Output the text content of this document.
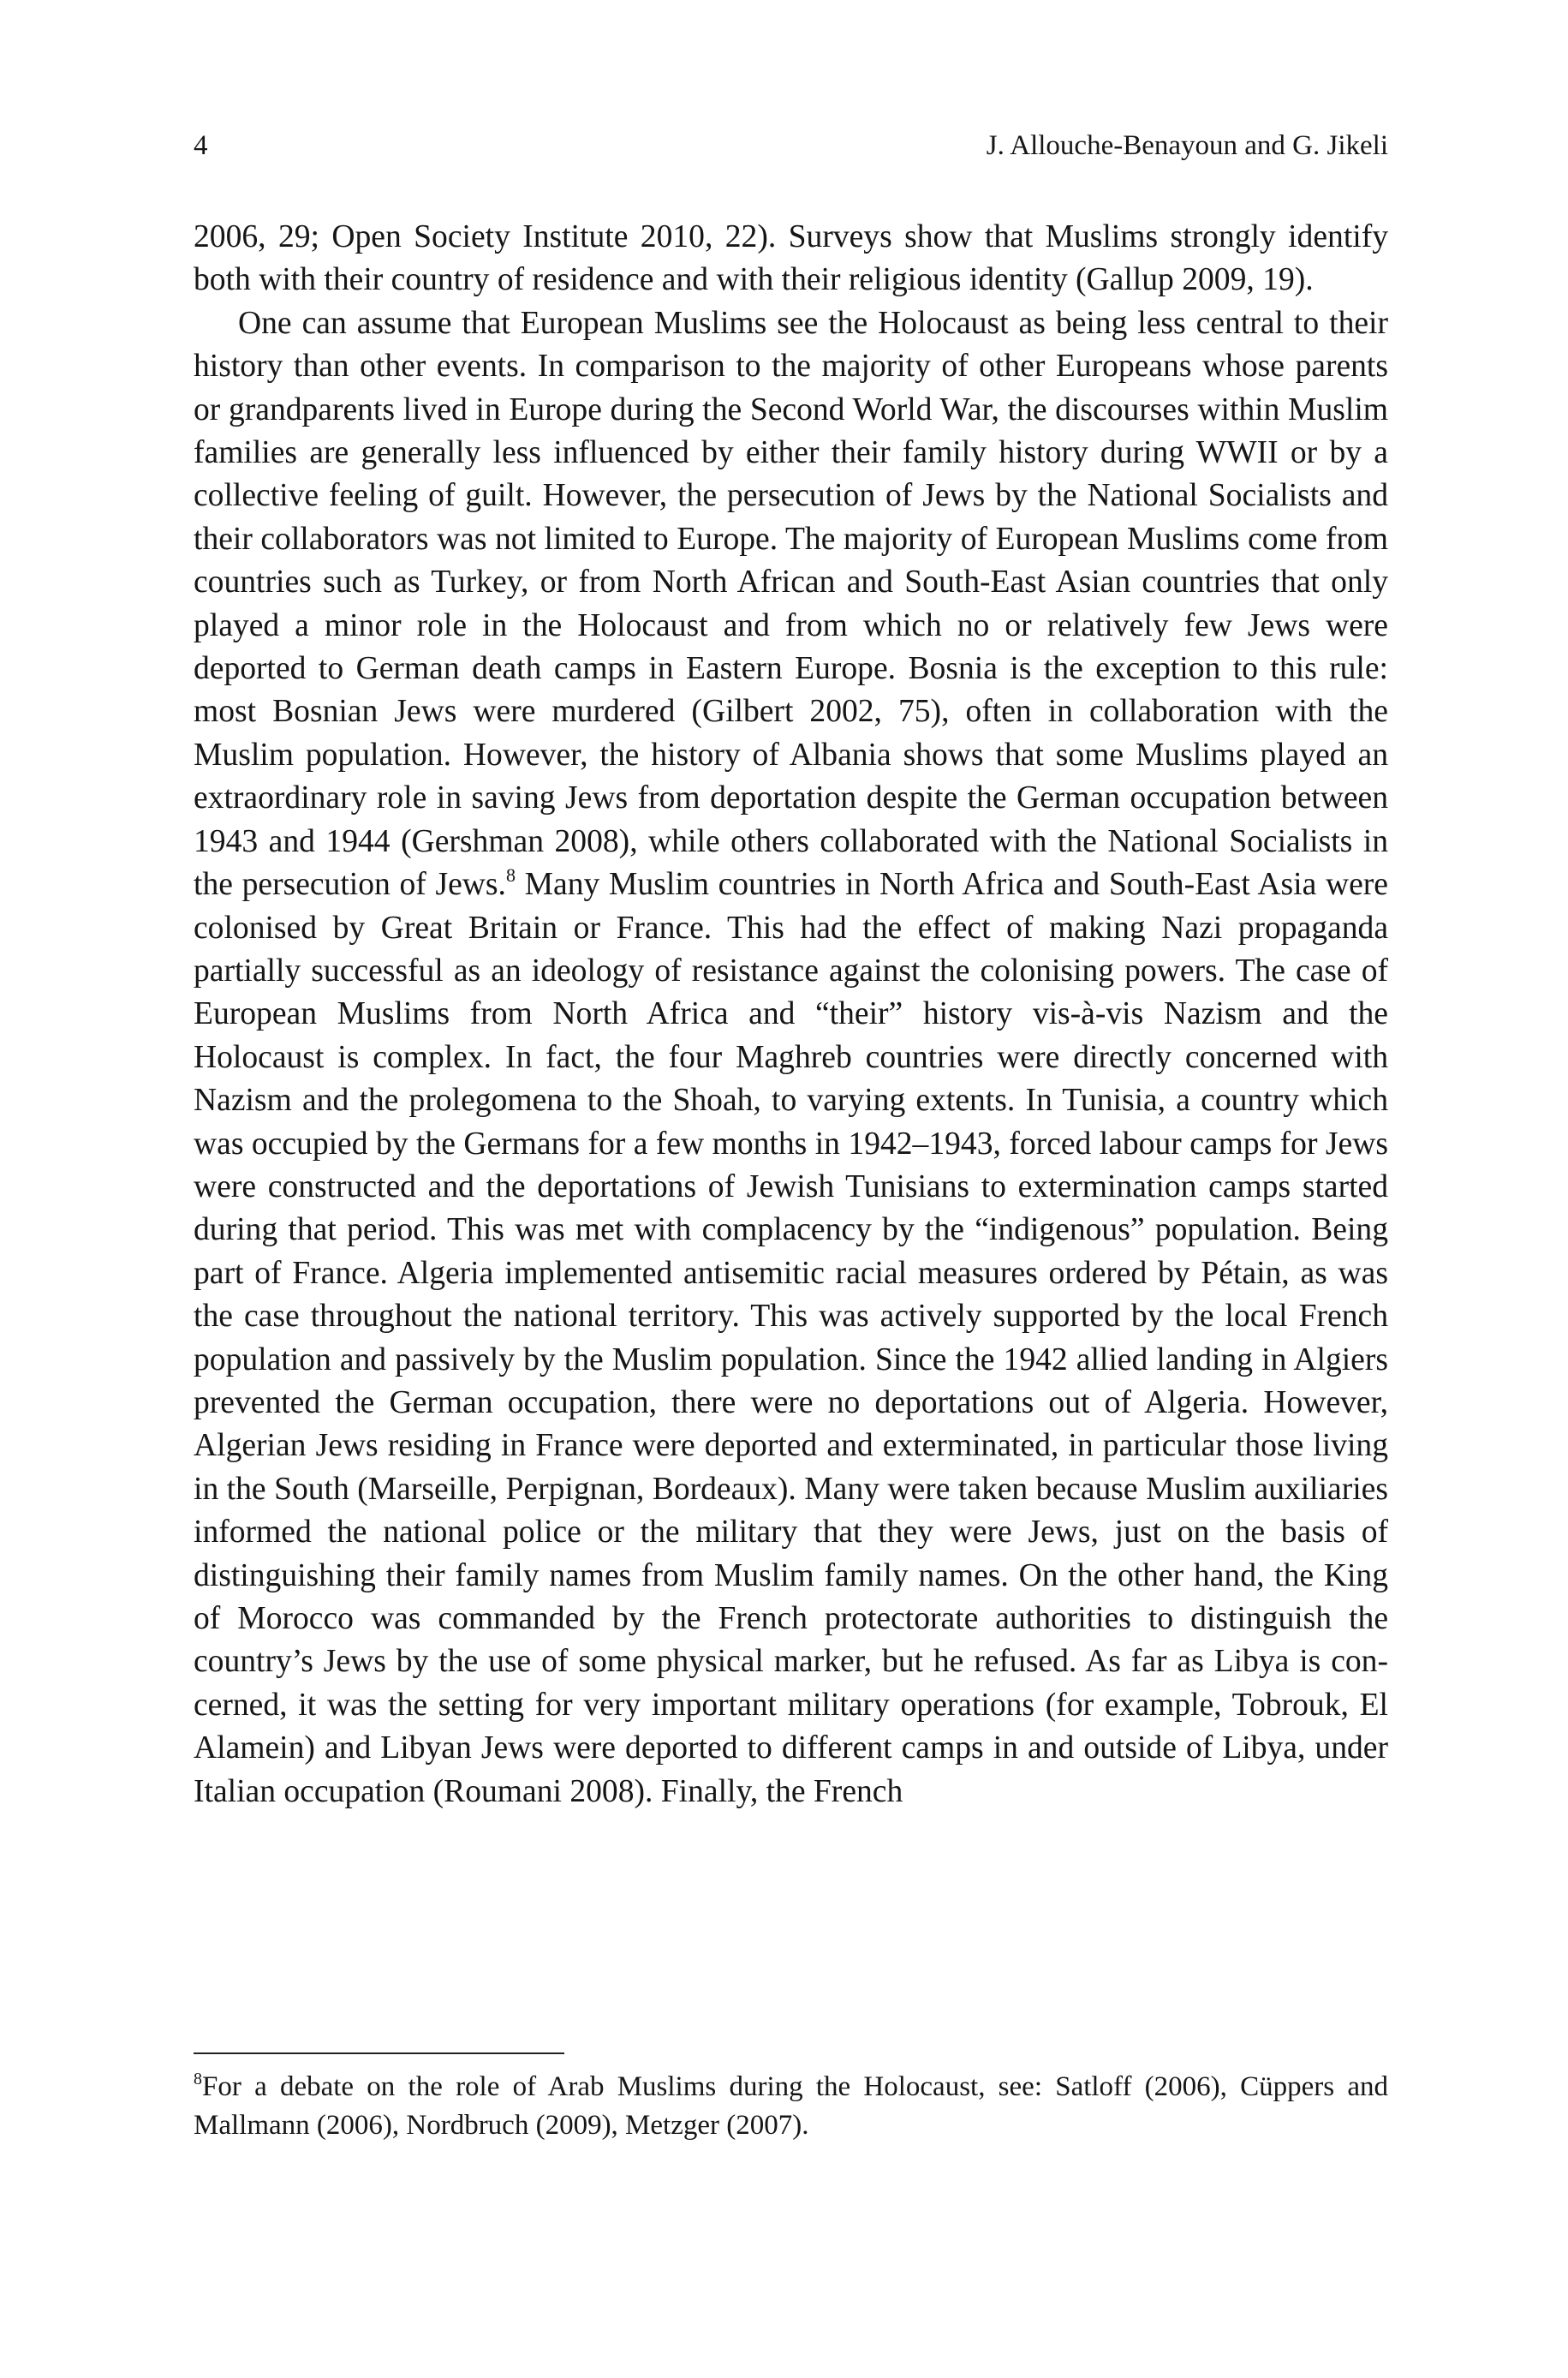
4	J. Allouche-Benayoun and G. Jikeli

2006, 29; Open Society Institute 2010, 22). Surveys show that Muslims strongly identify both with their country of residence and with their religious identity (Gallup 2009, 19).

One can assume that European Muslims see the Holocaust as being less central to their history than other events. In comparison to the majority of other Europeans whose parents or grandparents lived in Europe during the Second World War, the discourses within Muslim families are generally less influenced by either their family history during WWII or by a collective feeling of guilt. However, the persecution of Jews by the National Socialists and their collaborators was not limited to Europe. The majority of European Muslims come from countries such as Turkey, or from North African and South-East Asian countries that only played a minor role in the Holocaust and from which no or relatively few Jews were deported to German death camps in Eastern Europe. Bosnia is the exception to this rule: most Bosnian Jews were murdered (Gilbert 2002, 75), often in collaboration with the Muslim population. However, the history of Albania shows that some Muslims played an extraordinary role in saving Jews from deportation despite the German occupation between 1943 and 1944 (Gershman 2008), while others collaborated with the National Socialists in the persecution of Jews.$^8$ Many Muslim countries in North Africa and South-East Asia were colonised by Great Britain or France. This had the effect of making Nazi propaganda partially successful as an ideology of resistance against the colonising powers. The case of European Muslims from North Africa and “their” history vis-à-vis Nazism and the Holocaust is complex. In fact, the four Maghreb countries were directly concerned with Nazism and the prolegomena to the Shoah, to varying extents. In Tunisia, a country which was occupied by the Germans for a few months in 1942–1943, forced labour camps for Jews were constructed and the deportations of Jewish Tunisians to extermination camps started during that period. This was met with complacency by the “indigenous” population. Being part of France. Algeria implemented antisemitic racial measures ordered by Pétain, as was the case throughout the national territory. This was actively supported by the local French population and passively by the Muslim population. Since the 1942 allied landing in Algiers prevented the German occupation, there were no deportations out of Algeria. However, Algerian Jews residing in France were deported and exterminated, in particular those living in the South (Marseille, Perpignan, Bordeaux). Many were taken because Muslim auxiliaries informed the national police or the military that they were Jews, just on the basis of distinguishing their family names from Muslim family names. On the other hand, the King of Morocco was commanded by the French protectorate authorities to distinguish the country’s Jews by the use of some physical marker, but he refused. As far as Libya is concerned, it was the setting for very important military operations (for example, Tobrouk, El Alamein) and Libyan Jews were deported to different camps in and outside of Libya, under Italian occupation (Roumani 2008). Finally, the French

$^8$For a debate on the role of Arab Muslims during the Holocaust, see: Satloff (2006), Cüppers and Mallmann (2006), Nordbruch (2009), Metzger (2007).
